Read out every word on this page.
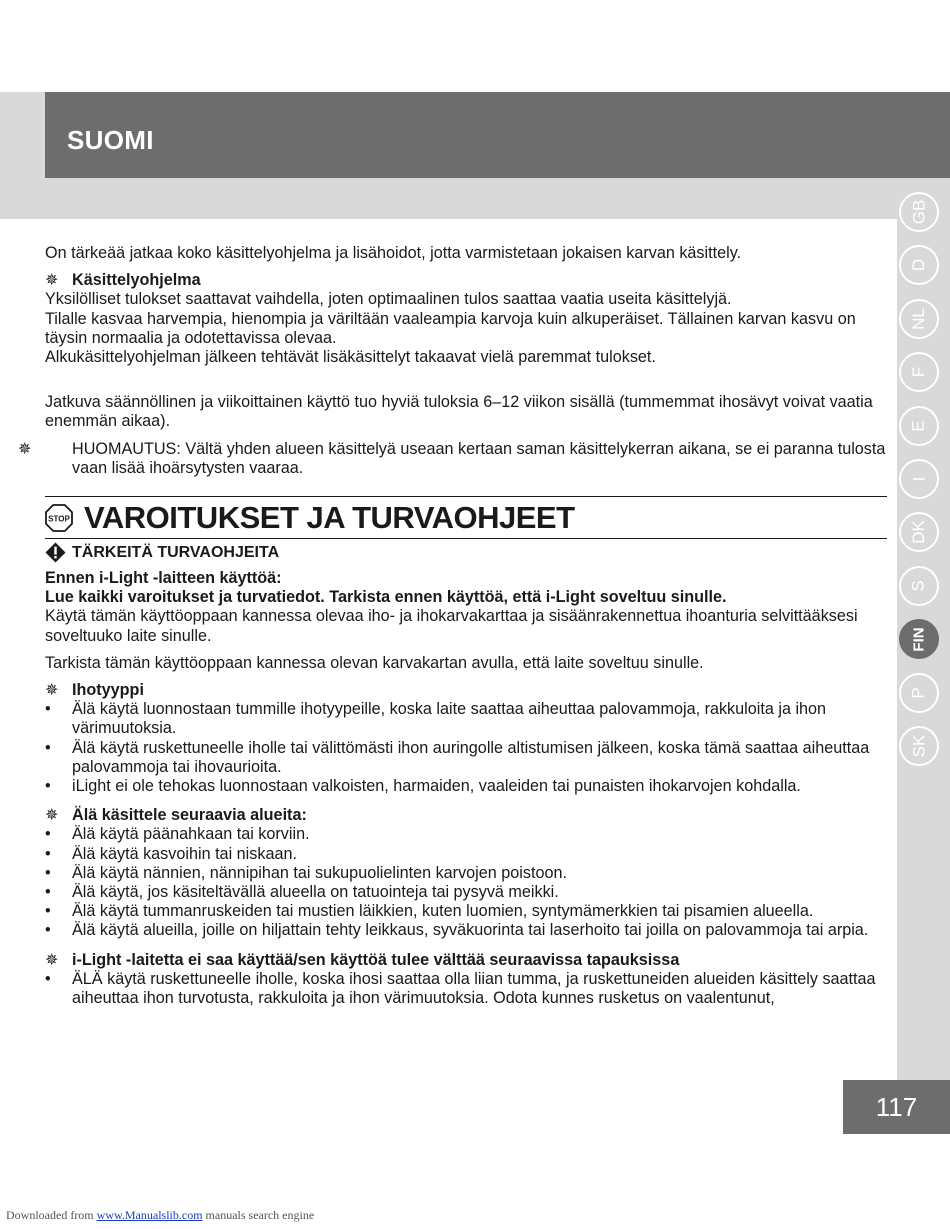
SUOMI
GB
D
NL
F
E
I
DK
S
FIN
P
SK
117

On tärkeää jatkaa koko käsittelyohjelma ja lisähoidot, jotta varmistetaan jokaisen karvan käsittely.

✵ Käsittelyohjelma

Yksilölliset tulokset saattavat vaihdella, joten optimaalinen tulos saattaa vaatia useita käsittelyjä.

Tilalle kasvaa harvempia, hienompia ja väriltään vaaleampia karvoja kuin alkuperäiset. Tällainen karvan kasvu on täysin normaalia ja odotettavissa olevaa.

Alkukäsittelyohjelman jälkeen tehtävät lisäkäsittelyt takaavat vielä paremmat tulokset.

Jatkuva säännöllinen ja viikoittainen käyttö tuo hyviä tuloksia 6–12 viikon sisällä (tummemmat ihosävyt voivat vaatia enemmän aikaa).

✵	HUOMAUTUS: Vältä yhden alueen käsittelyä useaan kertaan saman käsittelykerran aikana, se ei paranna tulosta vaan lisää ihoärsytysten vaaraa.

STOP VAROITUKSET JA TURVAOHJEET
TÄRKEITÄ TURVAOHJEITA

Ennen i-Light -laitteen käyttöä:

Lue kaikki varoitukset ja turvatiedot. Tarkista ennen käyttöä, että i-Light soveltuu sinulle.

Käytä tämän käyttöoppaan kannessa olevaa iho- ja ihokarvakarttaa ja sisäänrakennettua ihoanturia selvittääksesi soveltuuko laite sinulle.

Tarkista tämän käyttöoppaan kannessa olevan karvakartan avulla, että laite soveltuu sinulle.

✵ Ihotyyppi

• Älä käytä luonnostaan tummille ihotyypeille, koska laite saattaa aiheuttaa palovammoja, rakkuloita ja ihon värimuutoksia.
• Älä käytä ruskettuneelle iholle tai välittömästi ihon auringolle altistumisen jälkeen, koska tämä saattaa aiheuttaa palovammoja tai ihovaurioita.
• iLight ei ole tehokas luonnostaan valkoisten, harmaiden, vaaleiden tai punaisten ihokarvojen kohdalla.

✵ Älä käsittele seuraavia alueita:

• Älä käytä päänahkaan tai korviin.
• Älä käytä kasvoihin tai niskaan.
• Älä käytä nännien, nännipihan tai sukupuolielinten karvojen poistoon.
• Älä käytä, jos käsiteltävällä alueella on tatuointeja tai pysyvä meikki.
• Älä käytä tummanruskeiden tai mustien läikkien, kuten luomien, syntymämerkkien tai pisamien alueella.
• Älä käytä alueilla, joille on hiljattain tehty leikkaus, syväkuorinta tai laserhoito tai joilla on palovammoja tai arpia.

✵ i-Light -laitetta ei saa käyttää/sen käyttöä tulee välttää seuraavissa tapauksissa

• ÄLÄ käytä ruskettuneelle iholle, koska ihosi saattaa olla liian tumma, ja ruskettuneiden alueiden käsittely saattaa aiheuttaa ihon turvotusta, rakkuloita ja ihon värimuutoksia. Odota kunnes rusketus on vaalentunut,
Downloaded from www.Manualslib.com manuals search engine
